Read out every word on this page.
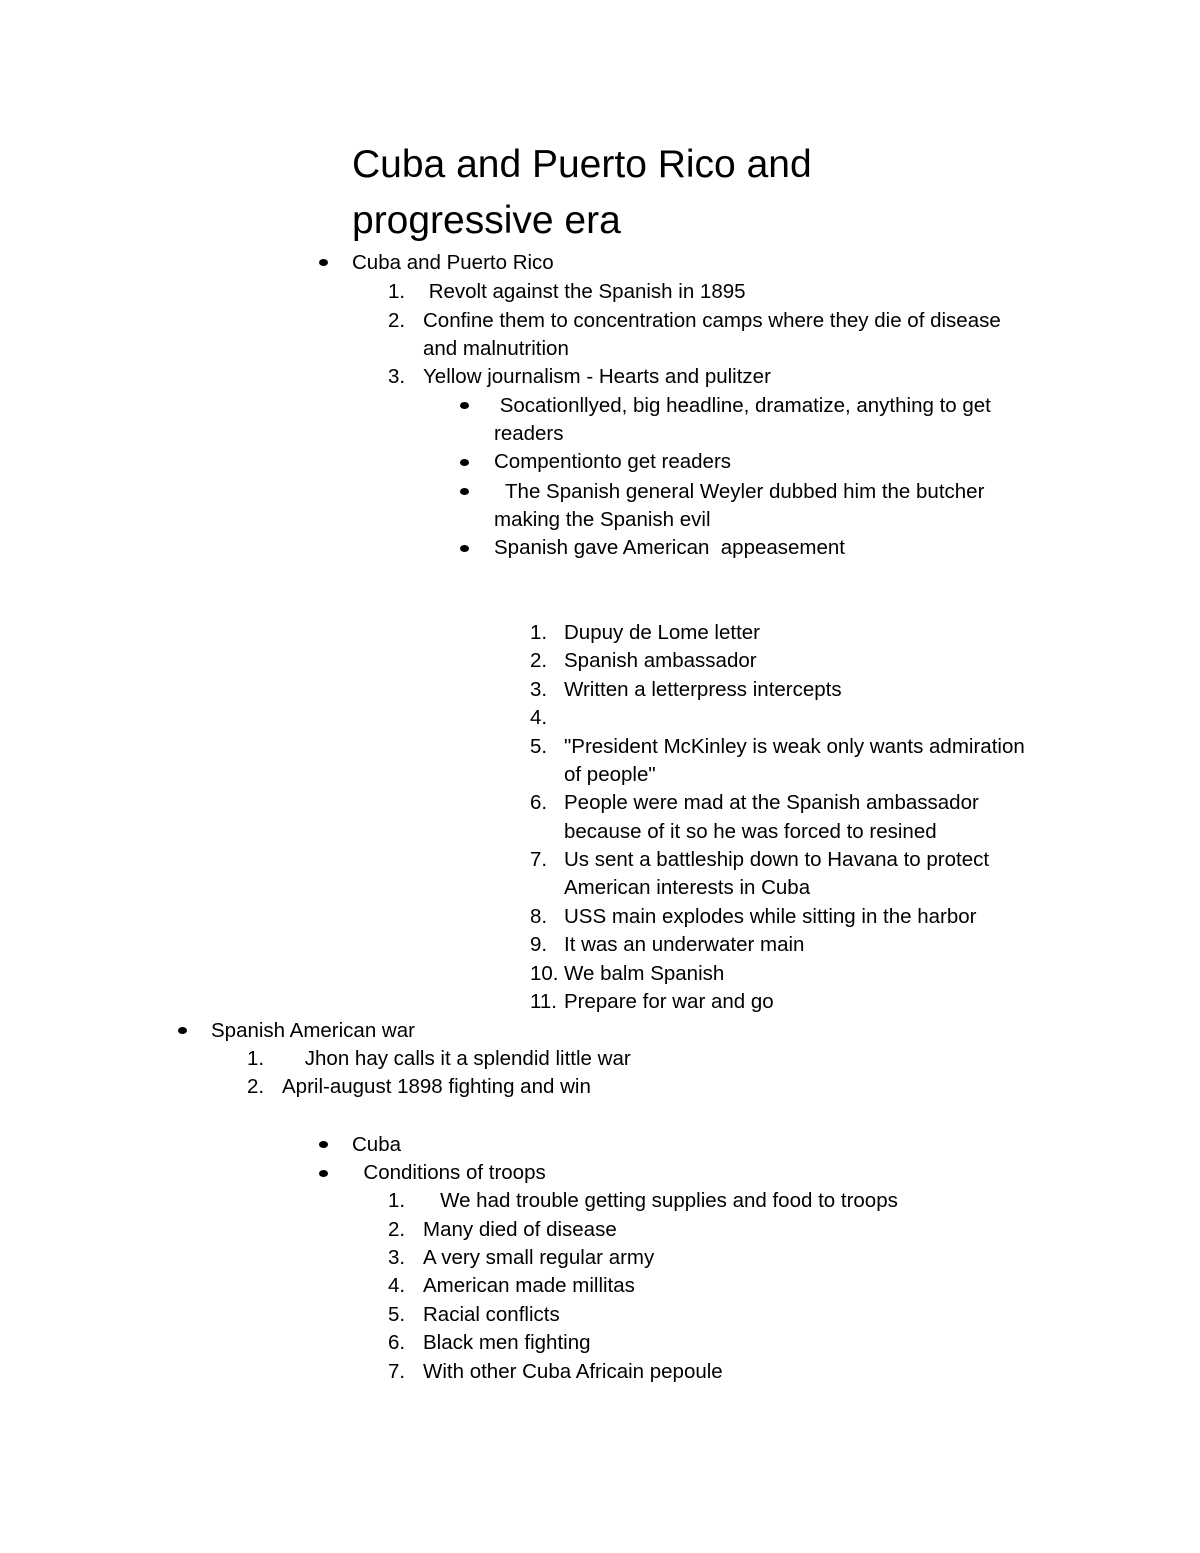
Cuba and Puerto Rico and
progressive era
Cuba and Puerto Rico
1. Revolt against the Spanish in 1895
2. Confine them to concentration camps where they die of disease
and malnutrition
3. Yellow journalism - Hearts and pulitzer
Socationllyed, big headline, dramatize, anything to get
readers
Compentionto get readers
The Spanish general Weyler dubbed him the butcher
making the Spanish evil
Spanish gave American  appeasement
1. Dupuy de Lome letter
2. Spanish ambassador
3. Written a letterpress intercepts
4.
5. "President McKinley is weak only wants admiration
of people"
6. People were mad at the Spanish ambassador
because of it so he was forced to resined
7. Us sent a battleship down to Havana to protect
American interests in Cuba
8. USS main explodes while sitting in the harbor
9. It was an underwater main
10. We balm Spanish
11. Prepare for war and go
Spanish American war
1. Jhon hay calls it a splendid little war
2. April-august 1898 fighting and win
Cuba
Conditions of troops
1. We had trouble getting supplies and food to troops
2. Many died of disease
3. A very small regular army
4. American made millitas
5. Racial conflicts
6. Black men fighting
7. With other Cuba Africain pepoule
